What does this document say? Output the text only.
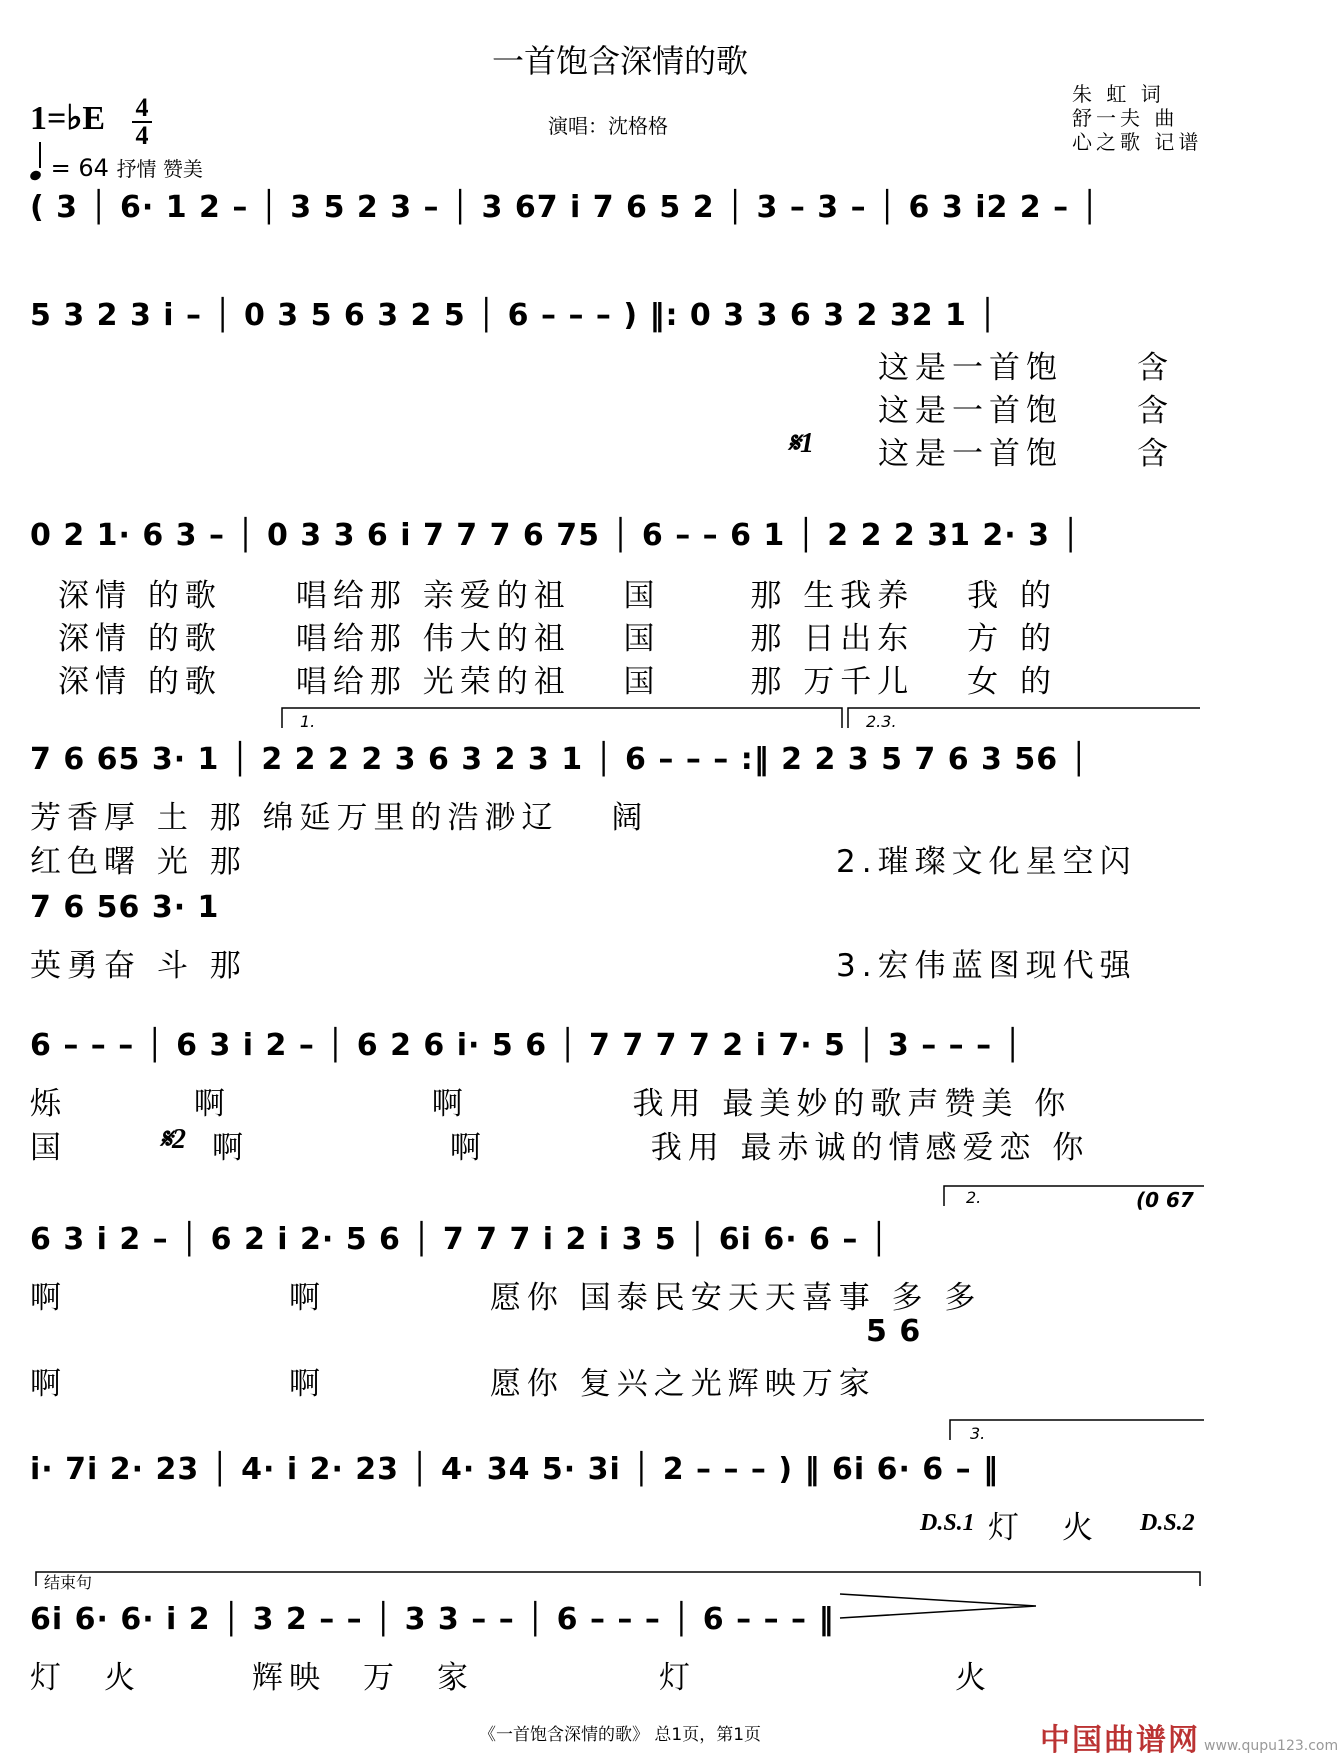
一首饱含深情的歌
1=♭E 4
4
= 64 抒情 赞美
演唱：沈格格
朱 虹 词
舒一夫 曲
心之歌 记谱
( 3 │ 6· 1 2 – │ 3 5 2 3 – │ 3 67 i 7 6 5 2 │ 3 – 3 – │ 6 3 i2 2 – │
5 3 2 3 i – │ 0 3 5 6 3 2 5 │ 6 – – – ) ‖: 0 3 3 6 3 2 32 1 │
这是一首饱　　含
这是一首饱　　含
𝄋1 这是一首饱　　含
0 2 1· 6 3 – │ 0 3 3 6 i 7 7 7 6 75 │ 6 – – 6 1 │ 2 2 2 31 2· 3 │
深情 的歌　　唱给那 亲爱的祖　 国　　 那 生我养　 我 的
深情 的歌　　唱给那 伟大的祖　 国　　 那 日出东　 方 的
深情 的歌　　唱给那 光荣的祖　 国　　 那 万千儿　 女 的
1.	2.3.
7 6 65 3· 1 │ 2 2 2 2 3 6 3 2 3 1 │ 6 – – – :‖ 2 2 3 5 7 6 3 56 │
芳香厚 土 那 绵延万里的浩渺辽　 阔
红色曙 光 那	2.璀璨文化星空闪
7 6 56 3· 1
英勇奋 斗 那	3.宏伟蓝图现代强
6 – – – │ 6 3 i 2 – │ 6 2 6 i· 5 6 │ 7 7 7 7 2 i 7· 5 │ 3 – – – │
烁　　　 啊　　　　　 啊　　　　 我用 最美妙的歌声赞美 你
国　 𝄋2 啊　　　　　 啊　　　　 我用 最赤诚的情感爱恋 你
2.	(0 67
6 3 i 2 – │ 6 2 i 2· 5 6 │ 7 7 7 i 2 i 3 5 │ 6i 6· 6 – │
啊　　　　　　啊　　　　 愿你 国泰民安天天喜事 多 多
5 6
啊　　　　　　啊　　　　 愿你 复兴之光辉映万家
3.
i· 7i 2· 23 │ 4· i 2· 23 │ 4· 34 5· 3i │ 2 – – – ) ‖ 6i 6· 6 – ‖
D.S.1 灯　火 D.S.2
结束句
6i 6· 6· i 2 │ 3 2 – – │ 3 3 – – │ 6 – – – │ 6 – – – ‖
灯　火　　　辉映　万　家　　　　　灯　　　　　　　火
《一首饱含深情的歌》 总1页，第1页	中国曲谱网 www.qupu123.com
